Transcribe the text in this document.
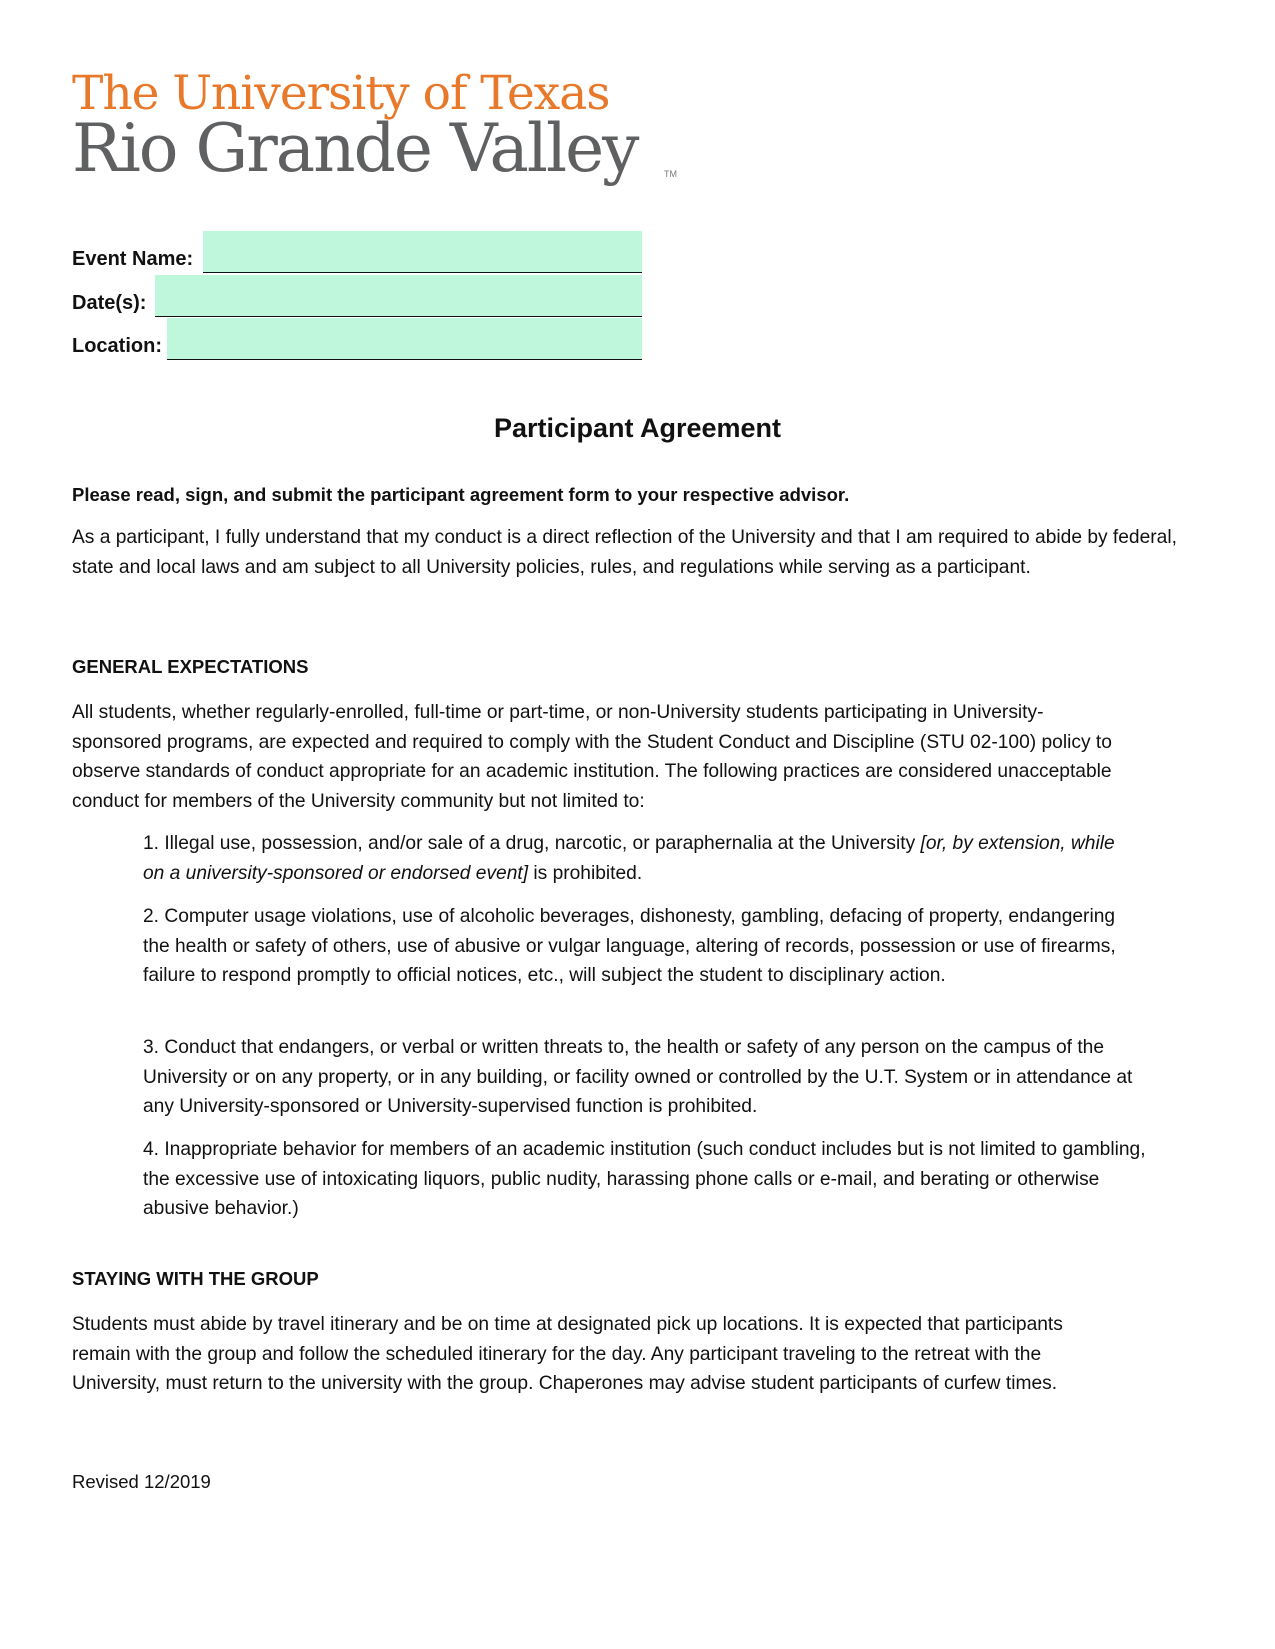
The University of Texas
Rio Grande Valley	TM
Event Name:
Date(s):
Location:
Participant Agreement
Please read, sign, and submit the participant agreement form to your respective advisor.
As a participant, I fully understand that my conduct is a direct reflection of the University and that I am required to abide by federal, state and local laws and am subject to all University policies, rules, and regulations while serving as a participant.
GENERAL EXPECTATIONS
All students, whether regularly-enrolled, full-time or part-time, or non-University students participating in University-sponsored programs, are expected and required to comply with the Student Conduct and Discipline (STU 02-100) policy to observe standards of conduct appropriate for an academic institution. The following practices are considered unacceptable conduct for members of the University community but not limited to:
1. Illegal use, possession, and/or sale of a drug, narcotic, or paraphernalia at the University [or, by extension, while on a university-sponsored or endorsed event] is prohibited.
2. Computer usage violations, use of alcoholic beverages, dishonesty, gambling, defacing of property, endangering the health or safety of others, use of abusive or vulgar language, altering of records, possession or use of firearms, failure to respond promptly to official notices, etc., will subject the student to disciplinary action.
3. Conduct that endangers, or verbal or written threats to, the health or safety of any person on the campus of the University or on any property, or in any building, or facility owned or controlled by the U.T. System or in attendance at any University-sponsored or University-supervised function is prohibited.
4. Inappropriate behavior for members of an academic institution (such conduct includes but is not limited to gambling, the excessive use of intoxicating liquors, public nudity, harassing phone calls or e-mail, and berating or otherwise abusive behavior.)
STAYING WITH THE GROUP
Students must abide by travel itinerary and be on time at designated pick up locations. It is expected that participants remain with the group and follow the scheduled itinerary for the day. Any participant traveling to the retreat with the University, must return to the university with the group. Chaperones may advise student participants of curfew times.
Revised 12/2019
